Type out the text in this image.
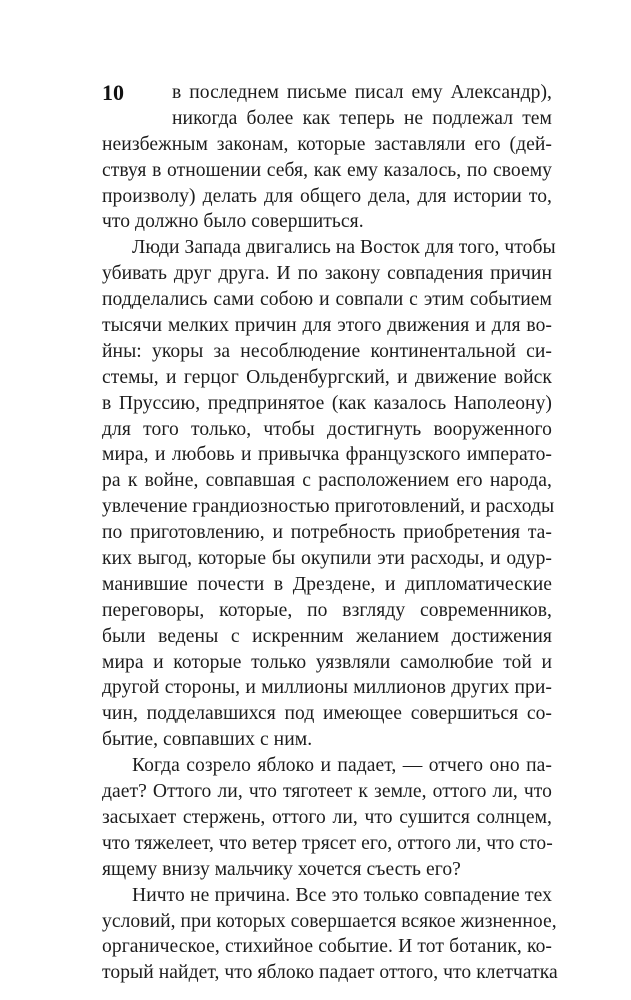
10	в последнем письме писал ему Александр),
никогда более как теперь не подлежал тем
неизбежным законам, которые заставляли его (дей-
ствуя в отношении себя, как ему казалось, по своему
произволу) делать для общего дела, для истории то,
что должно было совершиться.
Люди Запада двигались на Восток для того, чтобы
убивать друг друга. И по закону совпадения причин
подделались сами собою и совпали с этим событием
тысячи мелких причин для этого движения и для во-
йны: укоры за несоблюдение континентальной си-
стемы, и герцог Ольденбургский, и движение войск
в Пруссию, предпринятое (как казалось Наполеону)
для того только, чтобы достигнуть вооруженного
мира, и любовь и привычка французского императо-
ра к войне, совпавшая с расположением его народа,
увлечение грандиозностью приготовлений, и расходы
по приготовлению, и потребность приобретения та-
ких выгод, которые бы окупили эти расходы, и одур-
манившие почести в Дрездене, и дипломатические
переговоры, которые, по взгляду современников,
были ведены с искренним желанием достижения
мира и которые только уязвляли самолюбие той и
другой стороны, и миллионы миллионов других при-
чин, подделавшихся под имеющее совершиться со-
бытие, совпавших с ним.
Когда созрело яблоко и падает, — отчего оно па-
дает? Оттого ли, что тяготеет к земле, оттого ли, что
засыхает стержень, оттого ли, что сушится солнцем,
что тяжелеет, что ветер трясет его, оттого ли, что сто-
ящему внизу мальчику хочется съесть его?
Ничто не причина. Все это только совпадение тех
условий, при которых совершается всякое жизненное,
органическое, стихийное событие. И тот ботаник, ко-
торый найдет, что яблоко падает оттого, что клетчатка
